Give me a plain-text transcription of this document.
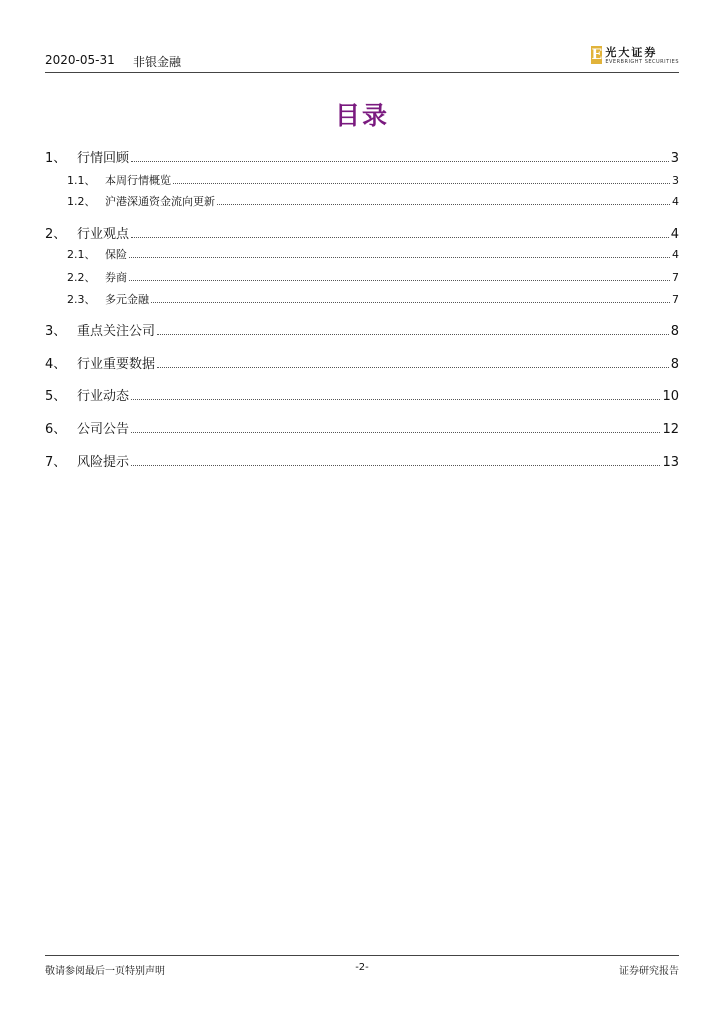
2020-05-31 非银金融	E 光大证券
EVERBRIGHT SECURITIES
目录
1、 行情回顾	3
1.1、 本周行情概览	3
1.2、 沪港深通资金流向更新	4
2、 行业观点	4
2.1、 保险	4
2.2、 券商	7
2.3、 多元金融	7
3、 重点关注公司	8
4、 行业重要数据	8
5、 行业动态	10
6、 公司公告	12
7、 风险提示	13
敬请参阅最后一页特别声明	-2-	证券研究报告
